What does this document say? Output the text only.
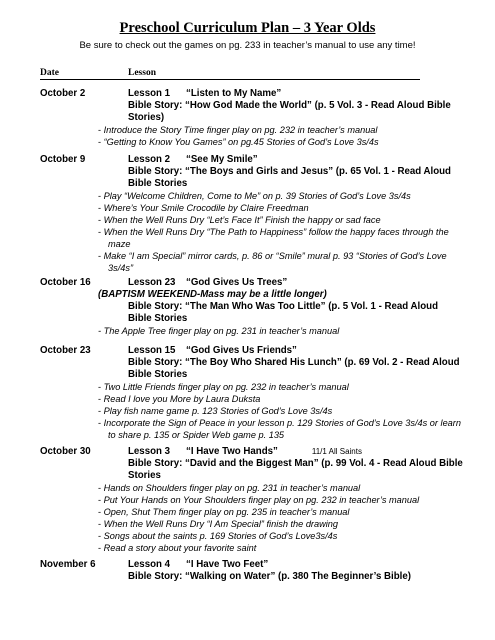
Preschool Curriculum Plan – 3 Year Olds
Be sure to check out the games on pg. 233 in teacher’s manual to use any time!
Date	Lesson
October 2	Lesson 1 “Listen to My Name”
Bible Story: “How God Made the World” (p. 5 Vol. 3 - Read Aloud Bible Stories)
- Introduce the Story Time finger play on pg. 232 in teacher’s manual
- “Getting to Know You Games” on pg.45 Stories of God’s Love 3s/4s
October 9	Lesson 2 “See My Smile”
Bible Story: “The Boys and Girls and Jesus” (p. 65 Vol. 1 - Read Aloud Bible Stories
- Play “Welcome Children, Come to Me” on p. 39 Stories of God’s Love 3s/4s
- Where’s Your Smile Crocodile by Claire Freedman
- When the Well Runs Dry “Let’s Face It” Finish the happy or sad face
- When the Well Runs Dry “The Path to Happiness” follow the happy faces through the maze
- Make “I am Special” mirror cards, p. 86 or “Smile” mural p. 93 “Stories of God’s Love 3s/4s”
October 16	Lesson 23 “God Gives Us Trees”
(BAPTISM WEEKEND-Mass may be a little longer)
Bible Story: “The Man Who Was Too Little” (p. 5 Vol. 1 - Read Aloud Bible Stories
- The Apple Tree finger play on pg. 231 in teacher’s manual
October 23	Lesson 15 “God Gives Us Friends”
Bible Story: “The Boy Who Shared His Lunch” (p. 69 Vol. 2 - Read Aloud Bible Stories
- Two Little Friends finger play on pg. 232 in teacher’s manual
- Read I love you More by Laura Duksta
- Play fish name game p. 123 Stories of God’s Love 3s/4s
- Incorporate the Sign of Peace in your lesson p. 129 Stories of God’s Love 3s/4s or learn to share p. 135 or Spider Web game p. 135
October 30	Lesson 3 “I Have Two Hands”	11/1 All Saints
Bible Story: “David and the Biggest Man” (p. 99 Vol. 4 - Read Aloud Bible Stories
- Hands on Shoulders finger play on pg. 231 in teacher’s manual
- Put Your Hands on Your Shoulders finger play on pg. 232 in teacher’s manual
- Open, Shut Them finger play on pg. 235 in teacher’s manual
- When the Well Runs Dry “I Am Special” finish the drawing
- Songs about the saints p. 169 Stories of God’s Love3s/4s
- Read a story about your favorite saint
November 6	Lesson 4 “I Have Two Feet”
Bible Story: “Walking on Water” (p. 380 The Beginner’s Bible)
